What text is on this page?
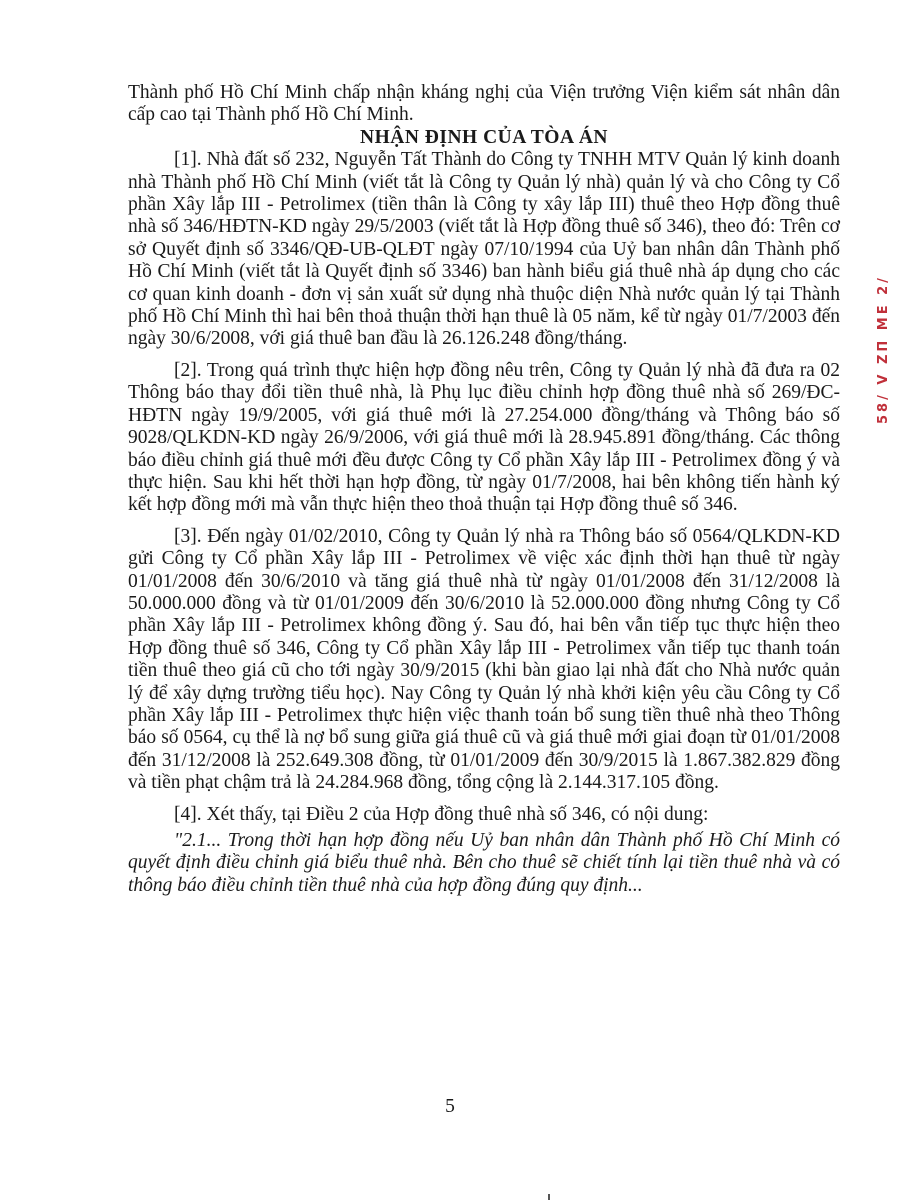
Thành phố Hồ Chí Minh chấp nhận kháng nghị của Viện trưởng Viện kiểm sát nhân dân cấp cao tại Thành phố Hồ Chí Minh.

NHẬN ĐỊNH CỦA TÒA ÁN

[1]. Nhà đất số 232, Nguyễn Tất Thành do Công ty TNHH MTV Quản lý kinh doanh nhà Thành phố Hồ Chí Minh (viết tắt là Công ty Quản lý nhà) quản lý và cho Công ty Cổ phần Xây lắp III - Petrolimex (tiền thân là Công ty xây lắp III) thuê theo Hợp đồng thuê nhà số 346/HĐTN-KD ngày 29/5/2003 (viết tắt là Hợp đồng thuê số 346), theo đó: Trên cơ sở Quyết định số 3346/QĐ-UB-QLĐT ngày 07/10/1994 của Uỷ ban nhân dân Thành phố Hồ Chí Minh (viết tắt là Quyết định số 3346) ban hành biểu giá thuê nhà áp dụng cho các cơ quan kinh doanh - đơn vị sản xuất sử dụng nhà thuộc diện Nhà nước quản lý tại Thành phố Hồ Chí Minh thì hai bên thoả thuận thời hạn thuê là 05 năm, kể từ ngày 01/7/2003 đến ngày 30/6/2008, với giá thuê ban đầu là 26.126.248 đồng/tháng.

[2]. Trong quá trình thực hiện hợp đồng nêu trên, Công ty Quản lý nhà đã đưa ra 02 Thông báo thay đổi tiền thuê nhà, là Phụ lục điều chỉnh hợp đồng thuê nhà số 269/ĐC-HĐTN ngày 19/9/2005, với giá thuê mới là 27.254.000 đồng/tháng và Thông báo số 9028/QLKDN-KD ngày 26/9/2006, với giá thuê mới là 28.945.891 đồng/tháng. Các thông báo điều chỉnh giá thuê mới đều được Công ty Cổ phần Xây lắp III - Petrolimex đồng ý và thực hiện. Sau khi hết thời hạn hợp đồng, từ ngày 01/7/2008, hai bên không tiến hành ký kết hợp đồng mới mà vẫn thực hiện theo thoả thuận tại Hợp đồng thuê số 346.

[3]. Đến ngày 01/02/2010, Công ty Quản lý nhà ra Thông báo số 0564/QLKDN-KD gửi Công ty Cổ phần Xây lắp III - Petrolimex về việc xác định thời hạn thuê từ ngày 01/01/2008 đến 30/6/2010 và tăng giá thuê nhà từ ngày 01/01/2008 đến 31/12/2008 là 50.000.000 đồng và từ 01/01/2009 đến 30/6/2010 là 52.000.000 đồng nhưng Công ty Cổ phần Xây lắp III - Petrolimex không đồng ý. Sau đó, hai bên vẫn tiếp tục thực hiện theo Hợp đồng thuê số 346, Công ty Cổ phần Xây lắp III - Petrolimex vẫn tiếp tục thanh toán tiền thuê theo giá cũ cho tới ngày 30/9/2015 (khi bàn giao lại nhà đất cho Nhà nước quản lý để xây dựng trường tiểu học). Nay Công ty Quản lý nhà khởi kiện yêu cầu Công ty Cổ phần Xây lắp III - Petrolimex thực hiện việc thanh toán bổ sung tiền thuê nhà theo Thông báo số 0564, cụ thể là nợ bổ sung giữa giá thuê cũ và giá thuê mới giai đoạn từ 01/01/2008 đến 31/12/2008 là 252.649.308 đồng, từ 01/01/2009 đến 30/9/2015 là 1.867.382.829 đồng và tiền phạt chậm trả là 24.284.968 đồng, tổng cộng là 2.144.317.105 đồng.

[4]. Xét thấy, tại Điều 2 của Hợp đồng thuê nhà số 346, có nội dung:

"2.1... Trong thời hạn hợp đồng nếu Uỷ ban nhân dân Thành phố Hồ Chí Minh có quyết định điều chỉnh giá biểu thuê nhà. Bên cho thuê sẽ chiết tính lại tiền thuê nhà và có thông báo điều chỉnh tiền thuê nhà của hợp đồng đúng quy định...

58/ V ZΠ ME 2/
5
